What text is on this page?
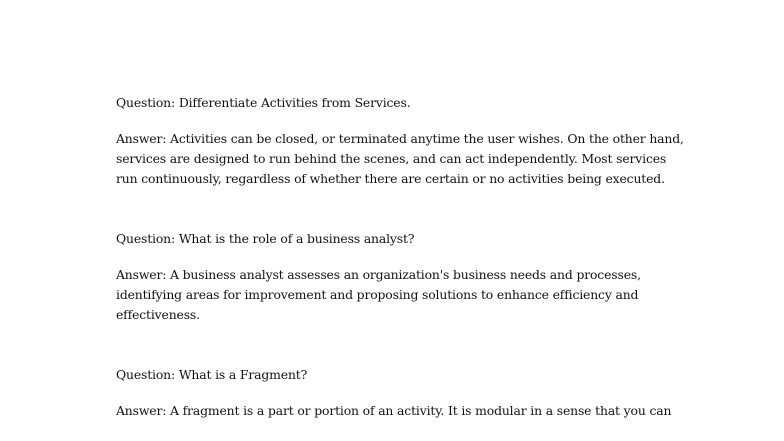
Question: Differentiate Activities from Services.

Answer: Activities can be closed, or terminated anytime the user wishes. On the other hand,
services are designed to run behind the scenes, and can act independently. Most services
run continuously, regardless of whether there are certain or no activities being executed.

Question: What is the role of a business analyst?

Answer: A business analyst assesses an organization's business needs and processes,
identifying areas for improvement and proposing solutions to enhance efficiency and
effectiveness.

Question: What is a Fragment?

Answer: A fragment is a part or portion of an activity. It is modular in a sense that you can
